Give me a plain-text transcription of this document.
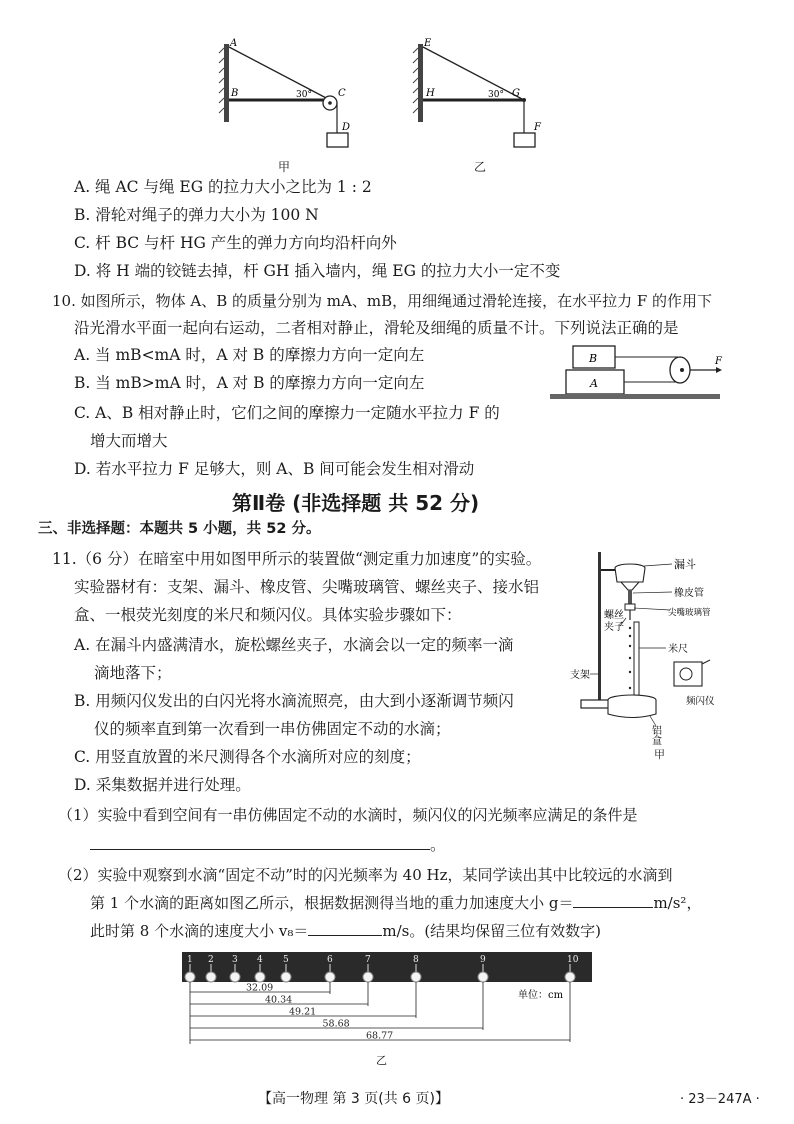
A
B	30°	C
D
甲
E
H	30° G
F
乙
A. 绳 AC 与绳 EG 的拉力大小之比为 1 : 2
B. 滑轮对绳子的弹力大小为 100 N
C. 杆 BC 与杆 HG 产生的弹力方向均沿杆向外
D. 将 H 端的铰链去掉，杆 GH 插入墙内，绳 EG 的拉力大小一定不变
10. 如图所示，物体 A、B 的质量分别为 mA、mB，用细绳通过滑轮连接，在水平拉力 F 的作用下
沿光滑水平面一起向右运动，二者相对静止，滑轮及细绳的质量不计。下列说法正确的是
A. 当 mB<mA 时，A 对 B 的摩擦力方向一定向左
B. 当 mB>mA 时，A 对 B 的摩擦力方向一定向左
C. A、B 相对静止时，它们之间的摩擦力一定随水平拉力 F 的
增大而增大
D. 若水平拉力 F 足够大，则 A、B 间可能会发生相对滑动
B
A
F
第Ⅱ卷 (非选择题 共 52 分)
三、非选择题：本题共 5 小题，共 52 分。
11.（6 分）在暗室中用如图甲所示的装置做“测定重力加速度”的实验。
实验器材有：支架、漏斗、橡皮管、尖嘴玻璃管、螺丝夹子、接水铝
盒、一根荧光刻度的米尺和频闪仪。具体实验步骤如下：
A. 在漏斗内盛满清水，旋松螺丝夹子，水滴会以一定的频率一滴
滴地落下；
B. 用频闪仪发出的白闪光将水滴流照亮，由大到小逐渐调节频闪
仪的频率直到第一次看到一串仿佛固定不动的水滴；
C. 用竖直放置的米尺测得各个水滴所对应的刻度；
D. 采集数据并进行处理。
漏斗
橡皮管
尖嘴玻璃管
螺丝
夹子
米尺
支架
频闪仪
铝
盒
甲
（1）实验中看到空间有一串仿佛固定不动的水滴时，频闪仪的闪光频率应满足的条件是
。
（2）实验中观察到水滴“固定不动”时的闪光频率为 40 Hz，某同学读出其中比较远的水滴到
第 1 个水滴的距离如图乙所示，根据数据测得当地的重力加速度大小 g＝	m/s²，
此时第 8 个水滴的速度大小 v₈＝	m/s。(结果均保留三位有效数字)
1 2 3 4 5	6	7	8	9	10
32.09
40.34
49.21
58.68
68.77
单位：cm
乙
【高一物理 第 3 页(共 6 页)】	· 23－247A ·
